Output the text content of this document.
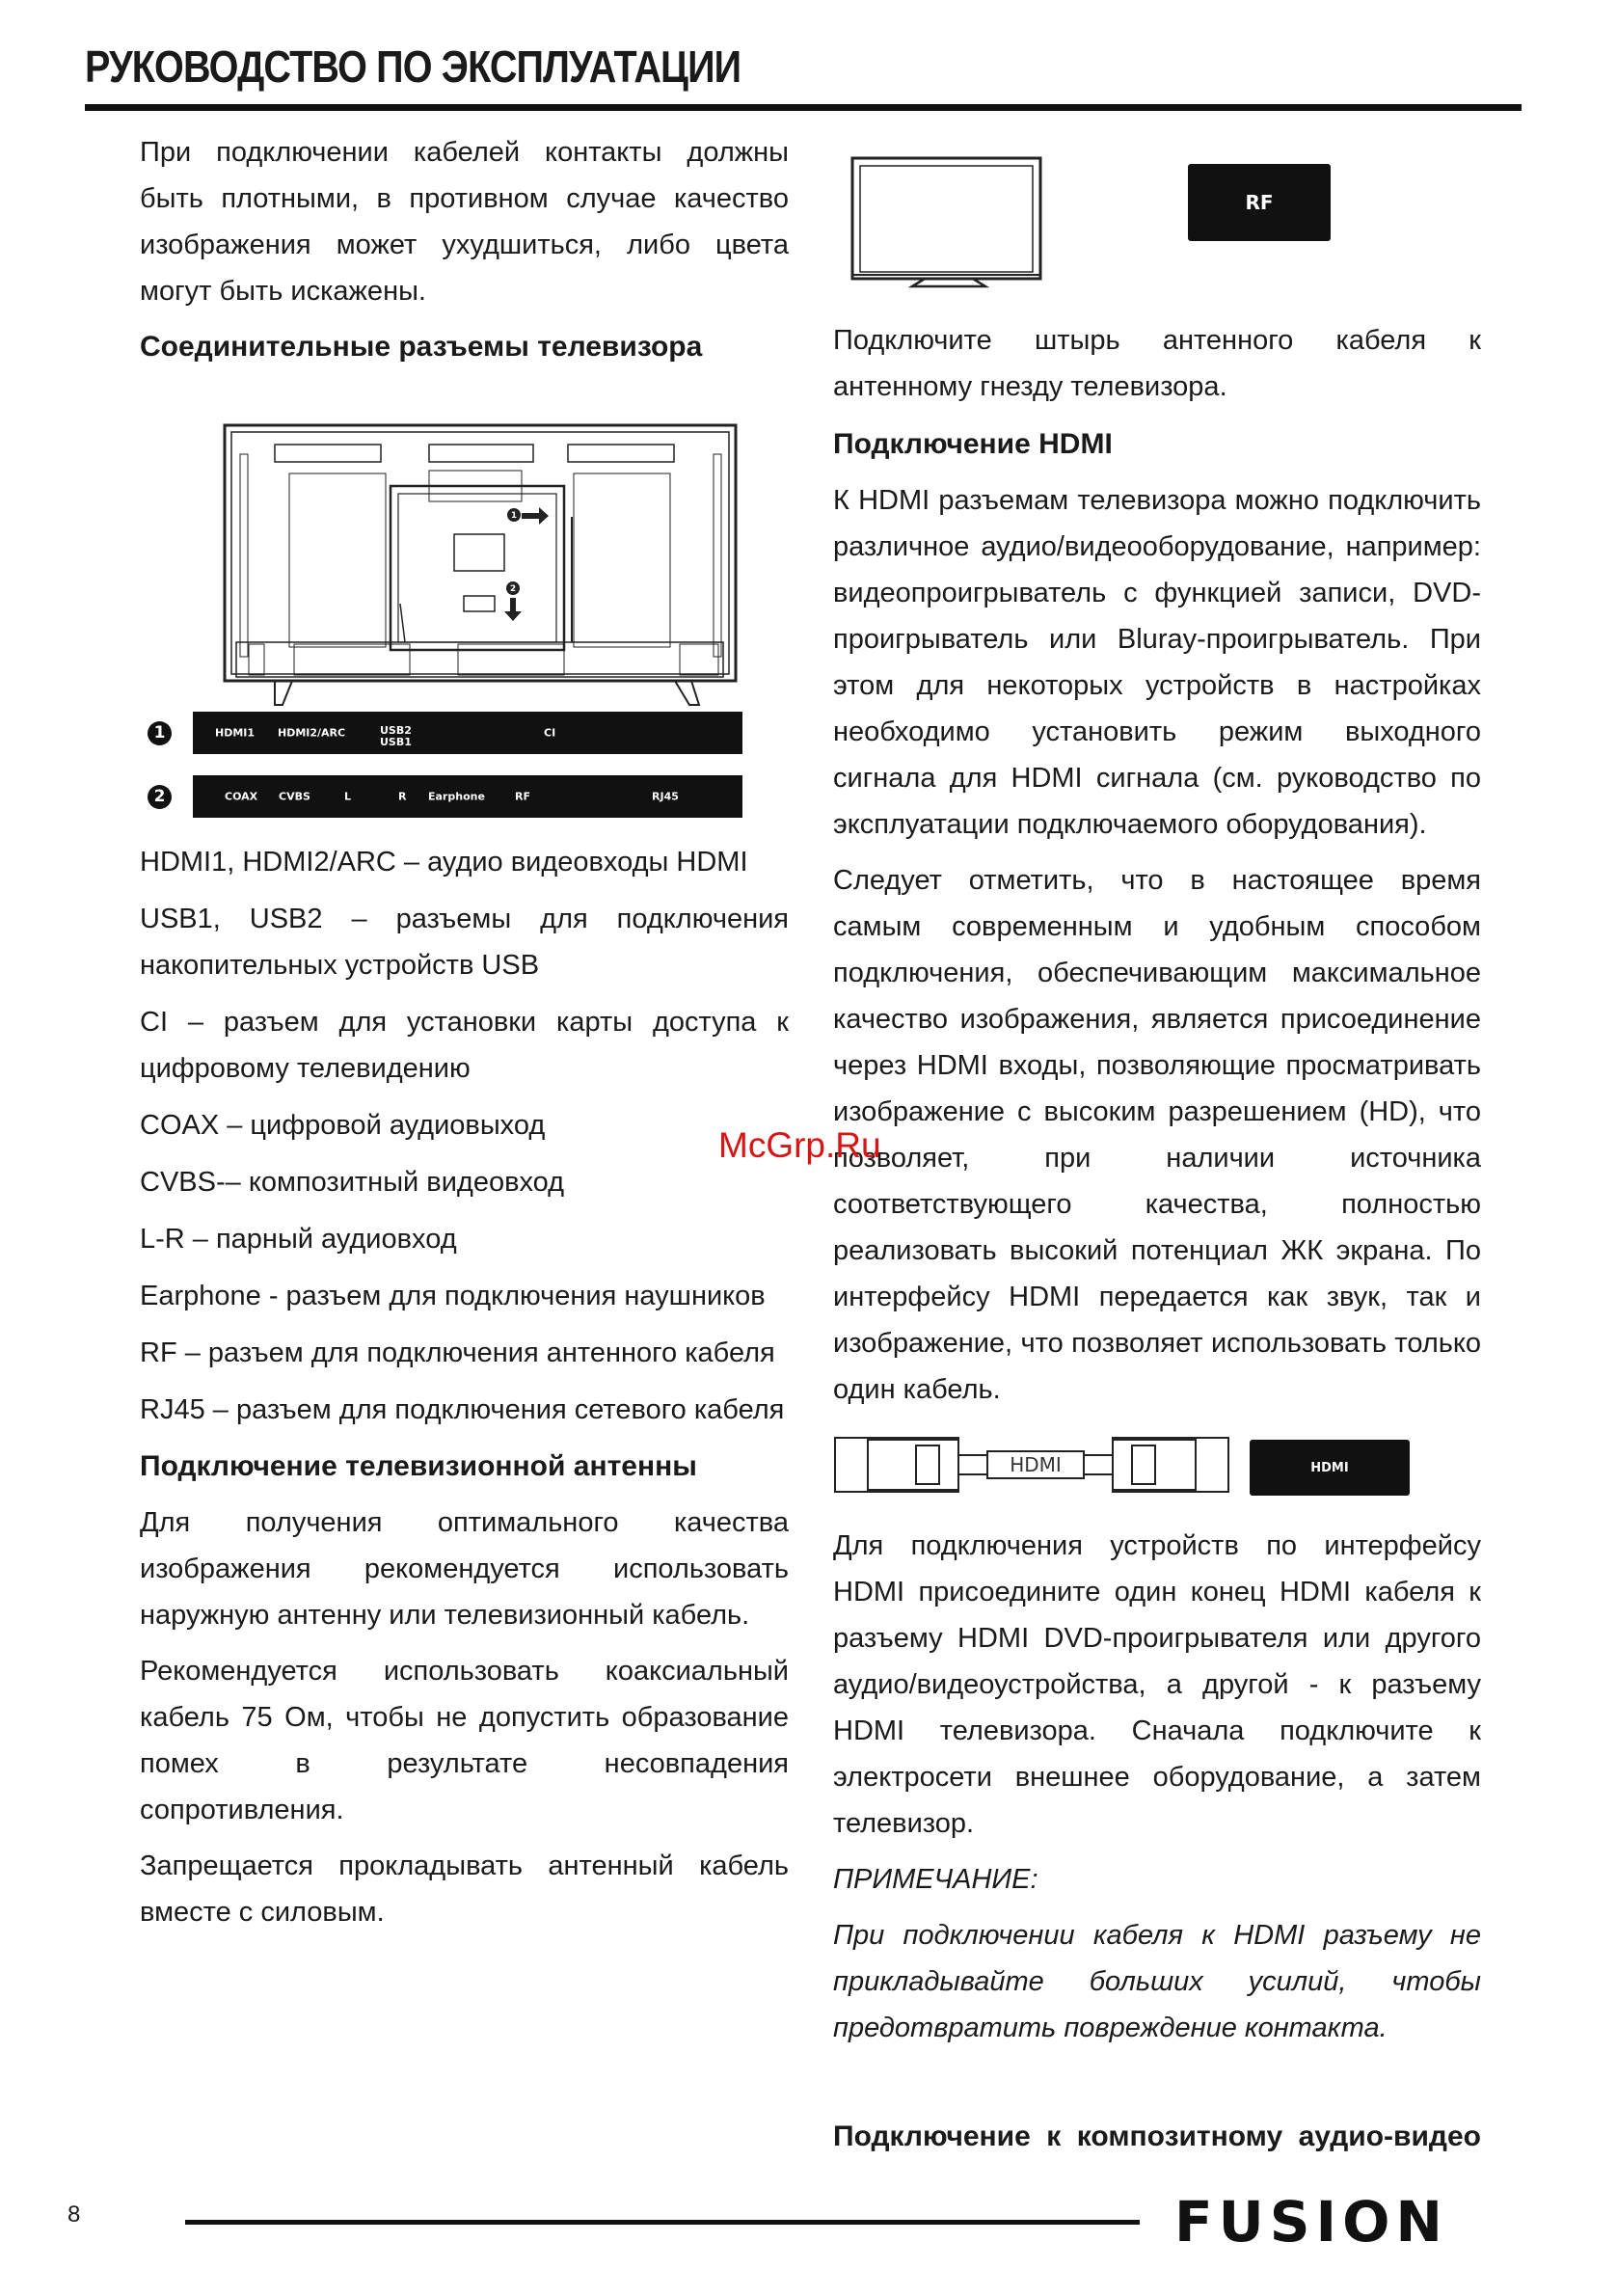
РУКОВОДСТВО ПО ЭКСПЛУАТАЦИИ

При подключении кабелей контакты должны быть плотными, в противном случае качество изображения может ухудшиться, либо цвета могут быть искажены.

Соединительные разъемы телевизора
1
2
1	HDMI1 HDMI2/ARC	USB2
USB1
CI
2	COAX CVBS	L	R Earphone	RF	RJ45
HDMI1, HDMI2/ARC – аудио видеовходы HDMI
USB1, USB2 – разъемы для подключения накопительных устройств USB
CI – разъем для установки карты доступа к цифровому телевидению
COAX – цифровой аудиовыход
CVBS-– композитный видеовход
L-R – парный аудиовход
Earphone - разъем для подключения наушников
RF – разъем для подключения антенного кабеля
RJ45 – разъем для подключения сетевого кабеля
Подключение телевизионной антенны

Для получения оптимального качества изображения рекомендуется использовать наружную антенну или телевизионный кабель.

Рекомендуется использовать коаксиальный кабель 75 Ом, чтобы не допустить образование помех в результате несовпадения сопротивления.

Запрещается прокладывать антенный кабель вместе с силовым.

RF

Подключите штырь антенного кабеля к антенному гнезду телевизора.

Подключение HDMI

К HDMI разъемам телевизора можно подключить различное аудио/видеооборудование, например: видеопроигрыватель с функцией записи, DVD-проигрыватель или Bluray-проигрыватель. При этом для некоторых устройств в настройках необходимо установить режим выходного сигнала для HDMI сигнала (см. руководство по эксплуатации подключаемого оборудования).

Следует отметить, что в настоящее время самым современным и удобным способом подключения, обеспечивающим максимальное качество изображения, является присоединение через HDMI входы, позволяющие просматривать изображение с высоким разрешением (HD), что позволяет, при наличии источника соответствующего качества, полностью реализовать высокий потенциал ЖК экрана. По интерфейсу HDMI передается как звук, так и изображение, что позволяет использовать только один кабель.

HDMI	HDMI

Для подключения устройств по интерфейсу HDMI присоедините один конец HDMI кабеля к разъему HDMI DVD-проигрывателя или другого аудио/видеоустройства, а другой - к разъему HDMI телевизора. Сначала подключите к электросети внешнее оборудование, а затем телевизор.

ПРИМЕЧАНИЕ:

При подключении кабеля к HDMI разъему не прикладывайте больших усилий, чтобы предотвратить повреждение контакта.

Подключение к композитному аудио-видео
McGrp.Ru
8	FUSION
